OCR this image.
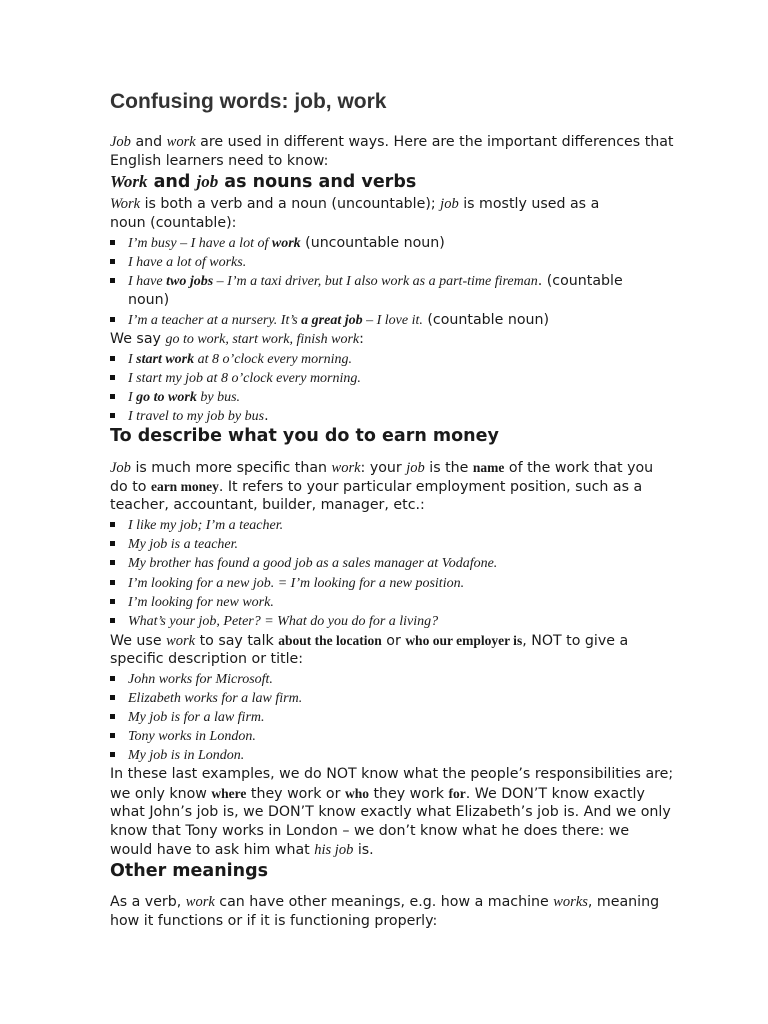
Confusing words: job, work
Job and work are used in different ways. Here are the important differences that
English learners need to know:
Work and job as nouns and verbs
Work is both a verb and a noun (uncountable); job is mostly used as a
noun (countable):
I’m busy – I have a lot of work (uncountable noun)
I have a lot of works.
I have two jobs – I’m a taxi driver, but I also work as a part-time fireman. (countable
noun)
I’m a teacher at a nursery. It’s a great job – I love it. (countable noun)
We say go to work, start work, finish work:
I start work at 8 o’clock every morning.
I start my job at 8 o’clock every morning.
I go to work by bus.
I travel to my job by bus.
To describe what you do to earn money
Job is much more specific than work: your job is the name of the work that you
do to earn money. It refers to your particular employment position, such as a
teacher, accountant, builder, manager, etc.:
I like my job; I’m a teacher.
My job is a teacher.
My brother has found a good job as a sales manager at Vodafone.
I’m looking for a new job. = I’m looking for a new position.
I’m looking for new work.
What’s your job, Peter? = What do you do for a living?
We use work to say talk about the location or who our employer is, NOT to give a
specific description or title:
John works for Microsoft.
Elizabeth works for a law firm.
My job is for a law firm.
Tony works in London.
My job is in London.
In these last examples, we do NOT know what the people’s responsibilities are;
we only know where they work or who they work for. We DON’T know exactly
what John’s job is, we DON’T know exactly what Elizabeth’s job is. And we only
know that Tony works in London – we don’t know what he does there: we
would have to ask him what his job is.
Other meanings
As a verb, work can have other meanings, e.g. how a machine works, meaning
how it functions or if it is functioning properly:
